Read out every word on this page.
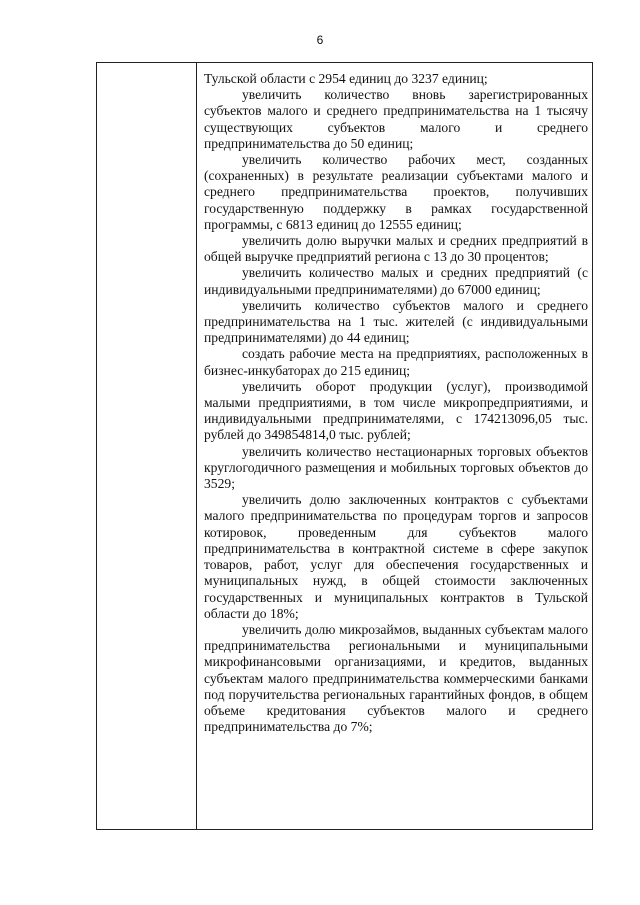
6

Тульской области с 2954 единиц до 3237 единиц;

увеличить количество вновь зарегистрированных субъектов малого и среднего предпринимательства на 1 тысячу существующих субъектов малого и среднего предпринимательства до 50 единиц;

увеличить количество рабочих мест, созданных (сохраненных) в результате реализации субъектами малого и среднего предпринимательства проектов, получивших государственную поддержку в рамках государственной программы, с 6813 единиц до 12555 единиц;

увеличить долю выручки малых и средних предприятий в общей выручке предприятий региона с 13 до 30 процентов;

увеличить количество малых и средних предприятий (с индивидуальными предпринимателями) до 67000 единиц;

увеличить количество субъектов малого и среднего предпринимательства на 1 тыс. жителей (с индивидуальными предпринимателями) до 44 единиц;

создать рабочие места на предприятиях, расположенных в бизнес-инкубаторах до 215 единиц;

увеличить оборот продукции (услуг), производимой малыми предприятиями, в том числе микропредприятиями, и индивидуальными предпринимателями, с 174213096,05 тыс. рублей до 349854814,0 тыс. рублей;

увеличить количество нестационарных торговых объектов круглогодичного размещения и мобильных торговых объектов до 3529;

увеличить долю заключенных контрактов с субъектами малого предпринимательства по процедурам торгов и запросов котировок, проведенным для субъектов малого предпринимательства в контрактной системе в сфере закупок товаров, работ, услуг для обеспечения государственных и муниципальных нужд, в общей стоимости заключенных государственных и муниципальных контрактов в Тульской области до 18%;

увеличить долю микрозаймов, выданных субъектам малого предпринимательства региональными и муниципальными микрофинансовыми организациями, и кредитов, выданных субъектам малого предпринимательства коммерческими банками под поручительства региональных гарантийных фондов, в общем объеме кредитования субъектов малого и среднего предпринимательства до 7%;
